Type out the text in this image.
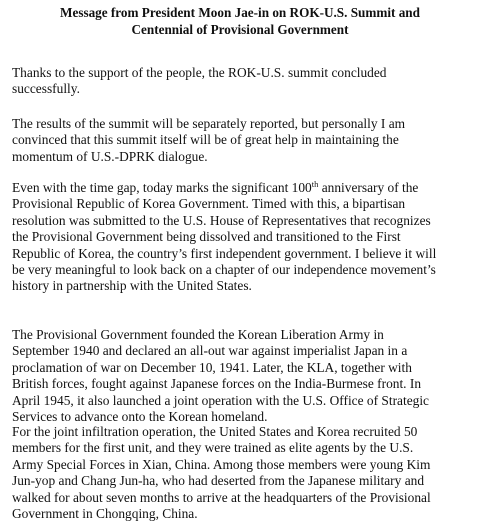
Message from President Moon Jae-in on ROK-U.S. Summit and
Centennial of Provisional Government

Thanks to the support of the people, the ROK-U.S. summit concluded
successfully.

The results of the summit will be separately reported, but personally I am
convinced that this summit itself will be of great help in maintaining the
momentum of U.S.-DPRK dialogue.

Even with the time gap, today marks the significant 100th anniversary of the
Provisional Republic of Korea Government. Timed with this, a bipartisan
resolution was submitted to the U.S. House of Representatives that recognizes
the Provisional Government being dissolved and transitioned to the First
Republic of Korea, the country’s first independent government. I believe it will
be very meaningful to look back on a chapter of our independence movement’s
history in partnership with the United States.

The Provisional Government founded the Korean Liberation Army in
September 1940 and declared an all-out war against imperialist Japan in a
proclamation of war on December 10, 1941. Later, the KLA, together with
British forces, fought against Japanese forces on the India-Burmese front. In
April 1945, it also launched a joint operation with the U.S. Office of Strategic
Services to advance onto the Korean homeland.

For the joint infiltration operation, the United States and Korea recruited 50
members for the first unit, and they were trained as elite agents by the U.S.
Army Special Forces in Xian, China. Among those members were young Kim
Jun-yop and Chang Jun-ha, who had deserted from the Japanese military and
walked for about seven months to arrive at the headquarters of the Provisional
Government in Chongqing, China.
